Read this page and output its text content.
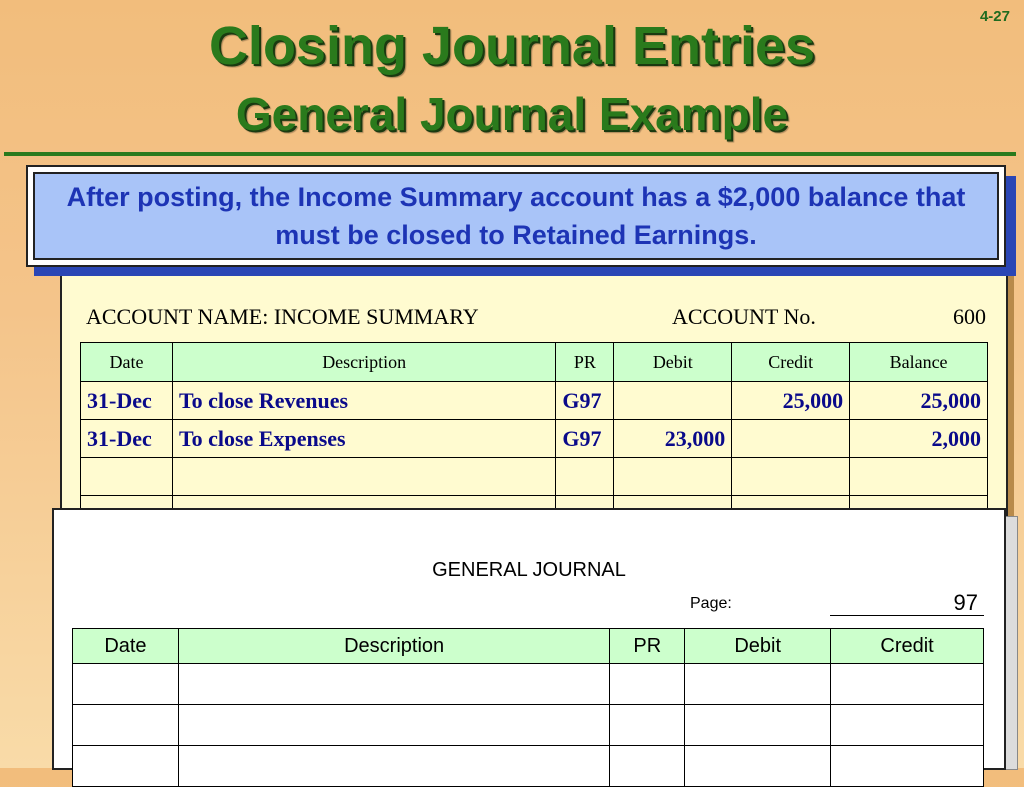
4-27
Closing Journal Entries
General Journal Example
ACCOUNT NAME: INCOME SUMMARY	ACCOUNT No.	600
Date	Description	PR	Debit	Credit	Balance
31-Dec	To close Revenues	G97		25,000	25,000
31-Dec	To close Expenses	G97	23,000		2,000

After posting, the Income Summary account has a $2,000 balance that must be closed to Retained Earnings.
GENERAL JOURNAL
Page:	97
Date	Description	PR	Debit	Credit
